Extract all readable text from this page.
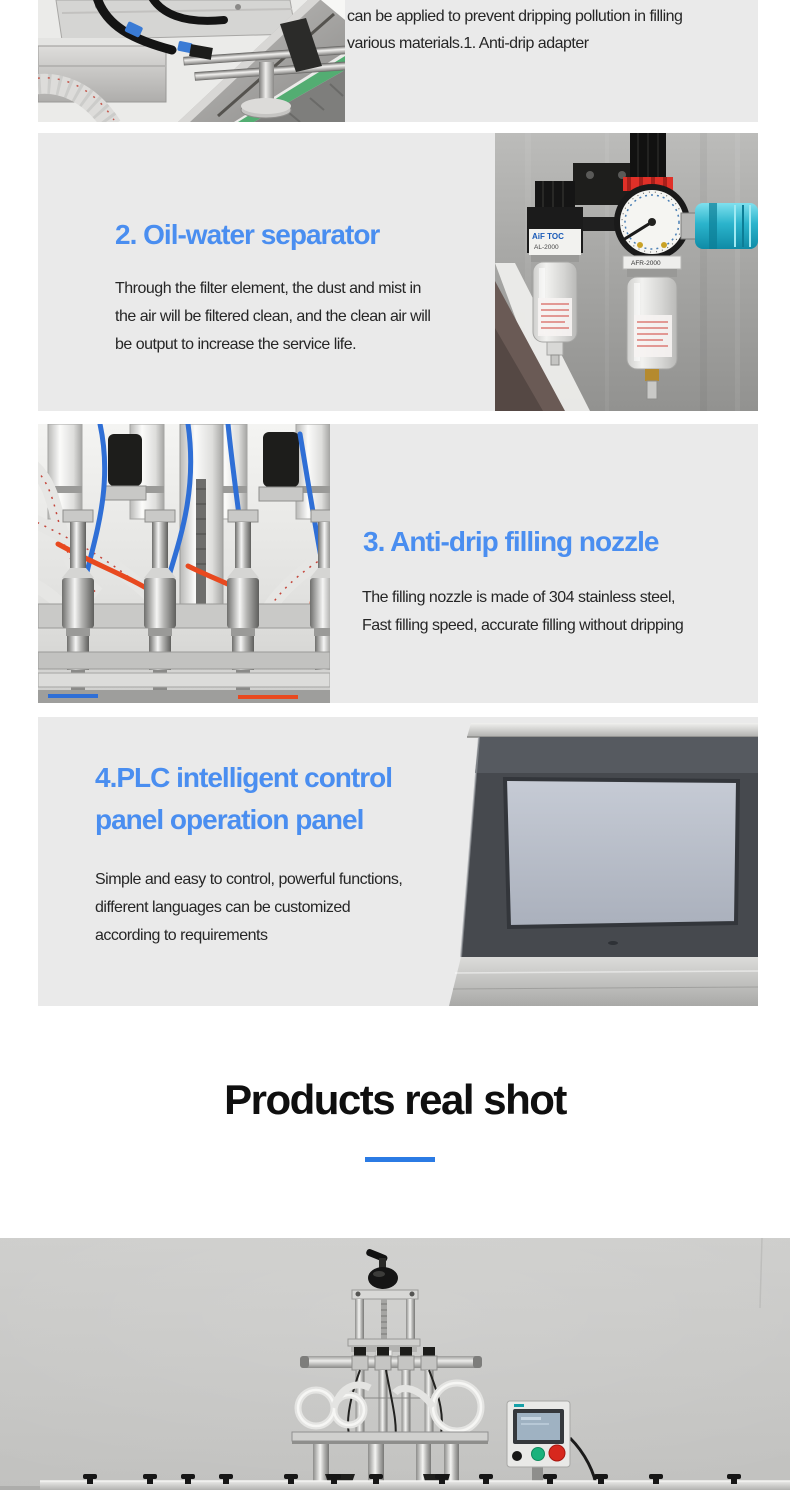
can be applied to prevent dripping pollution in filling
various materials.1. Anti-drip adapter

2. Oil-water separator

Through the filter element, the dust and mist in
the air will be filtered clean, and the clean air will
be output to increase the service life.

AiF TOC
AL-2000
AFR-2000
3. Anti-drip filling nozzle

The filling nozzle is made of 304 stainless steel,
Fast filling speed, accurate filling without dripping

4.PLC intelligent control
panel operation panel

Simple and easy to control, powerful functions,
different languages can be customized
according to requirements

Products real shot
